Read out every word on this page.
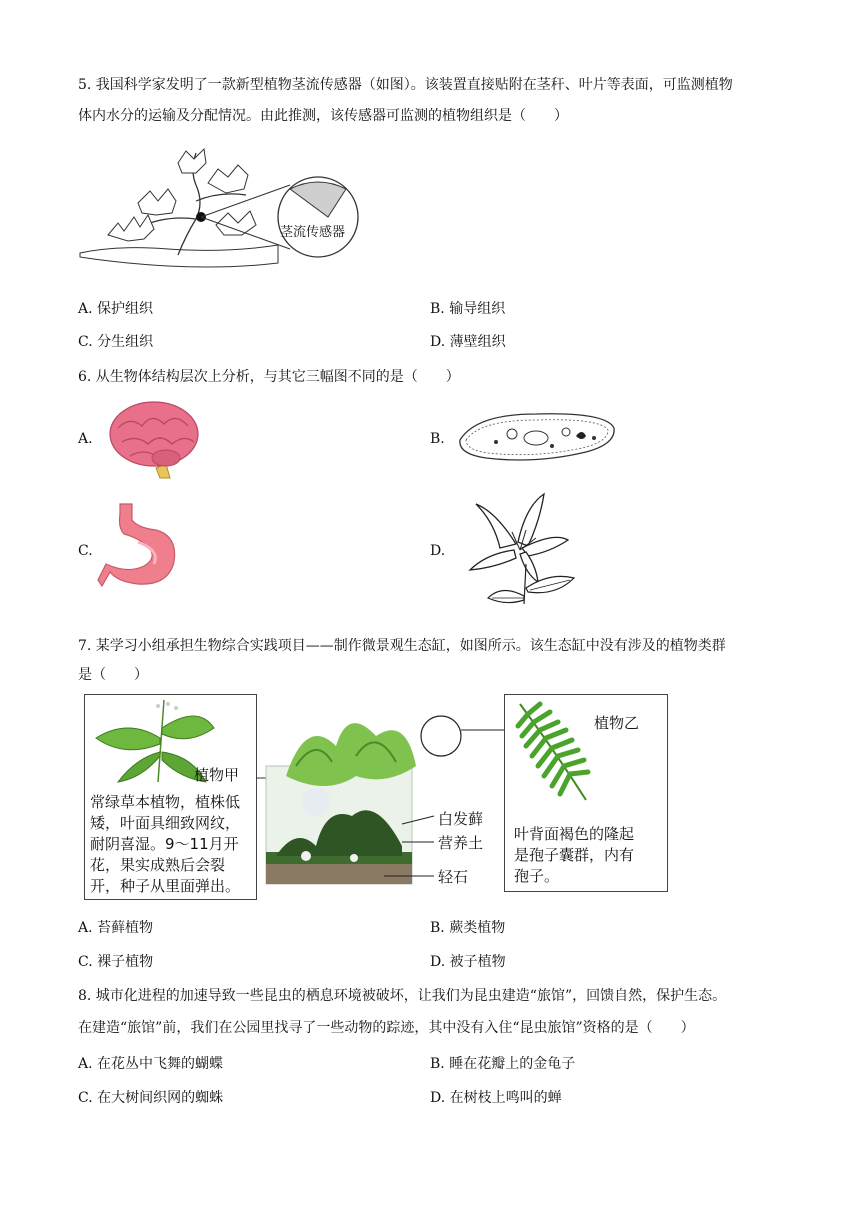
5. 我国科学家发明了一款新型植物茎流传感器（如图）。该装置直接贴附在茎秆、叶片等表面，可监测植物
体内水分的运输及分配情况。由此推测，该传感器可监测的植物组织是（　　）
茎流传感器
A. 保护组织	B. 输导组织
C. 分生组织	D. 薄壁组织
6. 从生物体结构层次上分析，与其它三幅图不同的是（　　）
A.	B.
C.	D.
7. 某学习小组承担生物综合实践项目——制作微景观生态缸，如图所示。该生态缸中没有涉及的植物类群
是（　　）
植物甲
常绿草本植物，植株低
矮，叶面具细致网纹，
耐阴喜湿。9～11月开
花，果实成熟后会裂
开，种子从里面弹出。
白发藓
营养土
轻石
植物乙
叶背面褐色的隆起
是孢子囊群，内有
孢子。
A. 苔藓植物	B. 蕨类植物
C. 裸子植物	D. 被子植物
8. 城市化进程的加速导致一些昆虫的栖息环境被破坏，让我们为昆虫建造“旅馆”，回馈自然，保护生态。
在建造“旅馆”前，我们在公园里找寻了一些动物的踪迹，其中没有入住“昆虫旅馆”资格的是（　　）
A. 在花丛中飞舞的蝴蝶	B. 睡在花瓣上的金龟子
C. 在大树间织网的蜘蛛	D. 在树枝上鸣叫的蝉
